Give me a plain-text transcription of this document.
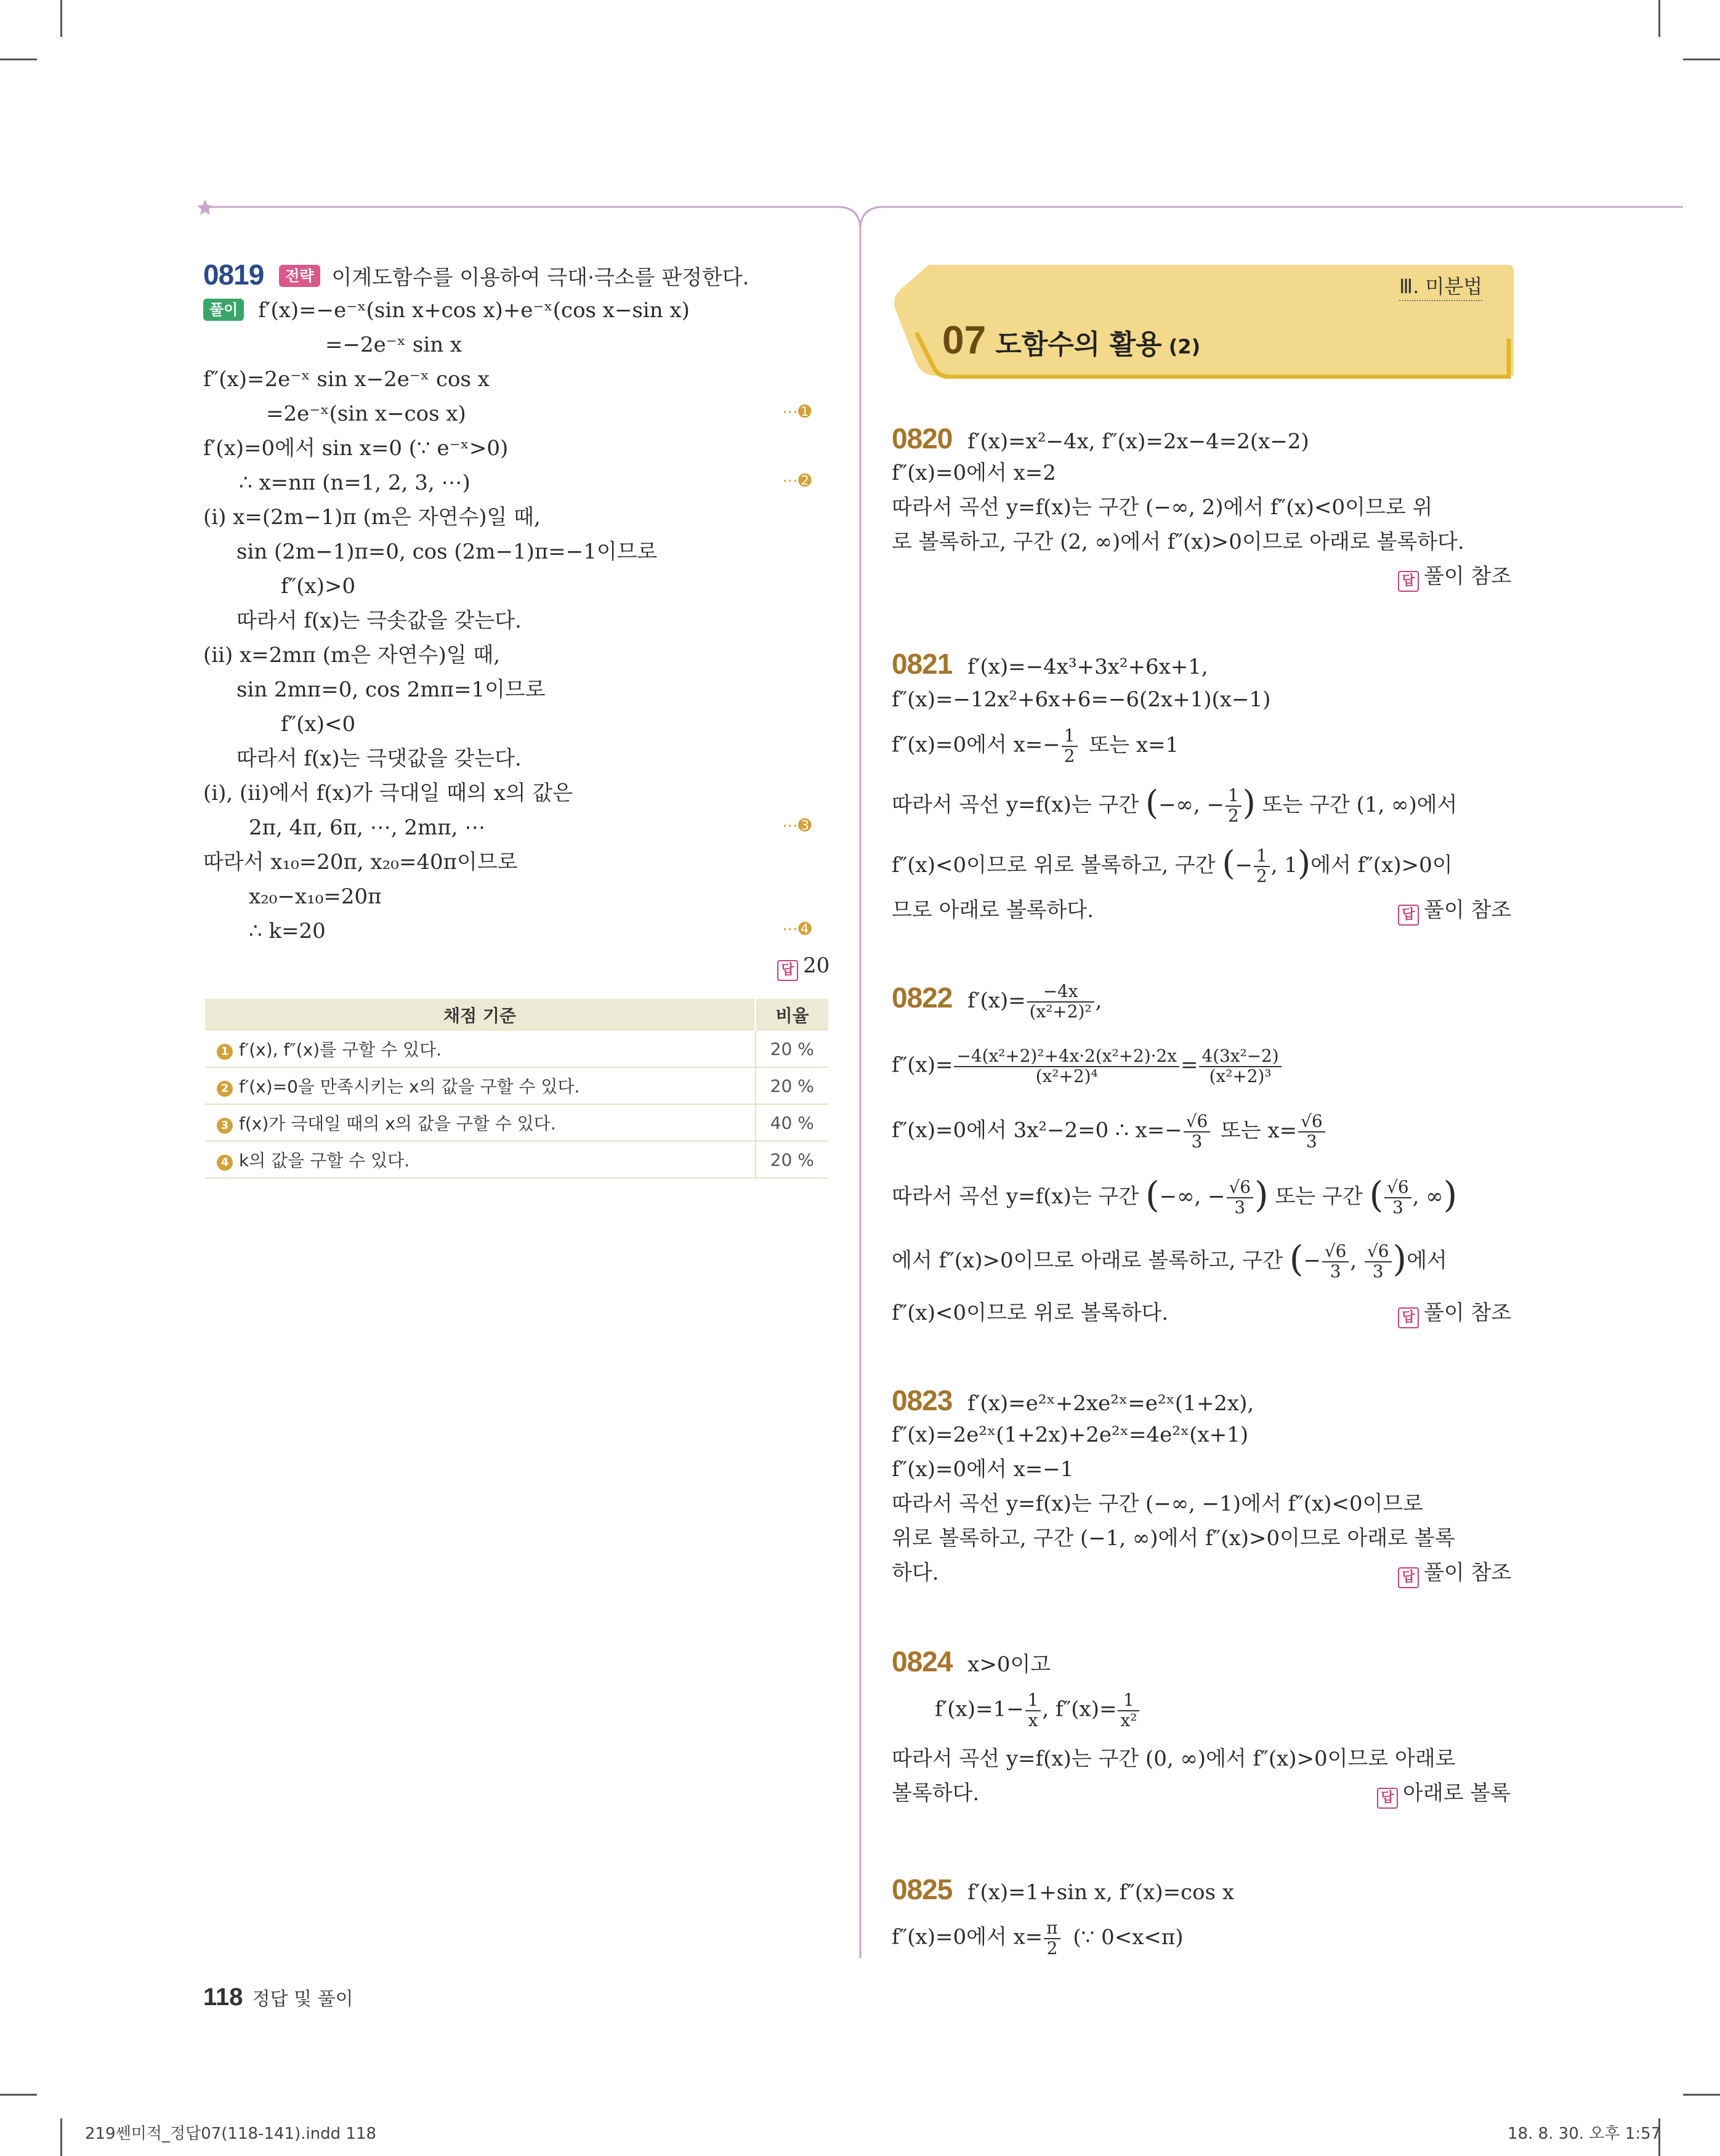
Ⅲ. 미분법
07 도함수의 활용 (2)
0819 전략 이계도함수를 이용하여 극대·극소를 판정한다.
풀이 f′(x)=−e⁻ˣ(sin x+cos x)+e⁻ˣ(cos x−sin x)
=−2e⁻ˣ sin x
f″(x)=2e⁻ˣ sin x−2e⁻ˣ cos x
=2e⁻ˣ(sin x−cos x)
f′(x)=0에서 sin x=0 (∵ e⁻ˣ>0)
∴ x=nπ (n=1, 2, 3, ⋯)
(ⅰ) x=(2m−1)π (m은 자연수)일 때,
sin (2m−1)π=0, cos (2m−1)π=−1이므로
f″(x)>0
따라서 f(x)는 극솟값을 갖는다.
(ⅱ) x=2mπ (m은 자연수)일 때,
sin 2mπ=0, cos 2mπ=1이므로
f″(x)<0
따라서 f(x)는 극댓값을 갖는다.
(ⅰ), (ⅱ)에서 f(x)가 극대일 때의 x의 값은
2π, 4π, 6π, ⋯, 2mπ, ⋯
따라서 x₁₀=20π, x₂₀=40π이므로
x₂₀−x₁₀=20π
∴ k=20
⋯➊
⋯➋
⋯➌
⋯➍
답 20
채점 기준	비율
1 f′(x), f″(x)를 구할 수 있다.	20 %
2 f′(x)=0을 만족시키는 x의 값을 구할 수 있다.	20 %
3 f(x)가 극대일 때의 x의 값을 구할 수 있다.	40 %
4 k의 값을 구할 수 있다.	20 %
0820 f′(x)=x²−4x, f″(x)=2x−4=2(x−2)
f″(x)=0에서 x=2
따라서 곡선 y=f(x)는 구간 (−∞, 2)에서 f″(x)<0이므로 위
로 볼록하고, 구간 (2, ∞)에서 f″(x)>0이므로 아래로 볼록하다.
답 풀이 참조
0821 f′(x)=−4x³+3x²+6x+1,
f″(x)=−12x²+6x+6=−6(2x+1)(x−1)
f″(x)=0에서 $x=- \frac{1}{2}$ 또는 x=1
따라서 곡선 y=f(x)는 구간 (−∞, − $\frac{1}{2}$ ) 또는 구간 (1, ∞)에서
f″(x)<0이므로 위로 볼록하고, 구간 (− $\frac{1}{2}$ , 1)에서 f″(x)>0이
므로 아래로 볼록하다.	답 풀이 참조
0822 $f'(x)= \frac{-4x}{\text{(x²+2)²}}$ ,
$f''(x)= \frac{\text{−4(x²+2)²+4x·2(x²+2)·2x}}{\text{(x²+2)⁴}} = \frac{\text{4(3x²−2)}}{\text{(x²+2)³}}$
f″(x)=0에서 3x²−2=0 ∴ $x=- \frac{√6}{3}$ 또는 $x= \frac{√6}{3}$
따라서 곡선 y=f(x)는 구간 (−∞, − $\frac{√6}{3}$ ) 또는 구간 ( $\frac{√6}{3}$ , ∞)
에서 f″(x)>0이므로 아래로 볼록하고, 구간 (− $\frac{√6}{3}$ , $\frac{√6}{3}$ )에서
f″(x)<0이므로 위로 볼록하다.	답 풀이 참조
0823 f′(x)=e²ˣ+2xe²ˣ=e²ˣ(1+2x),
f″(x)=2e²ˣ(1+2x)+2e²ˣ=4e²ˣ(x+1)
f″(x)=0에서 x=−1
따라서 곡선 y=f(x)는 구간 (−∞, −1)에서 f″(x)<0이므로
위로 볼록하고, 구간 (−1, ∞)에서 f″(x)>0이므로 아래로 볼록
하다.	답 풀이 참조
0824 x>0이고
$f'(x)=1- \frac{1}{x}$ , $f''(x)= \frac{1}{\text{x²}}$
따라서 곡선 y=f(x)는 구간 (0, ∞)에서 f″(x)>0이므로 아래로
볼록하다.	답 아래로 볼록
0825 f′(x)=1+sin x, f″(x)=cos x
f″(x)=0에서 $x= \frac{\pi}{2}$ (∵ 0<x<π)
118 정답 및 풀이
219쎈미적_정답07(118-141).indd 118	18. 8. 30. 오후 1:57
